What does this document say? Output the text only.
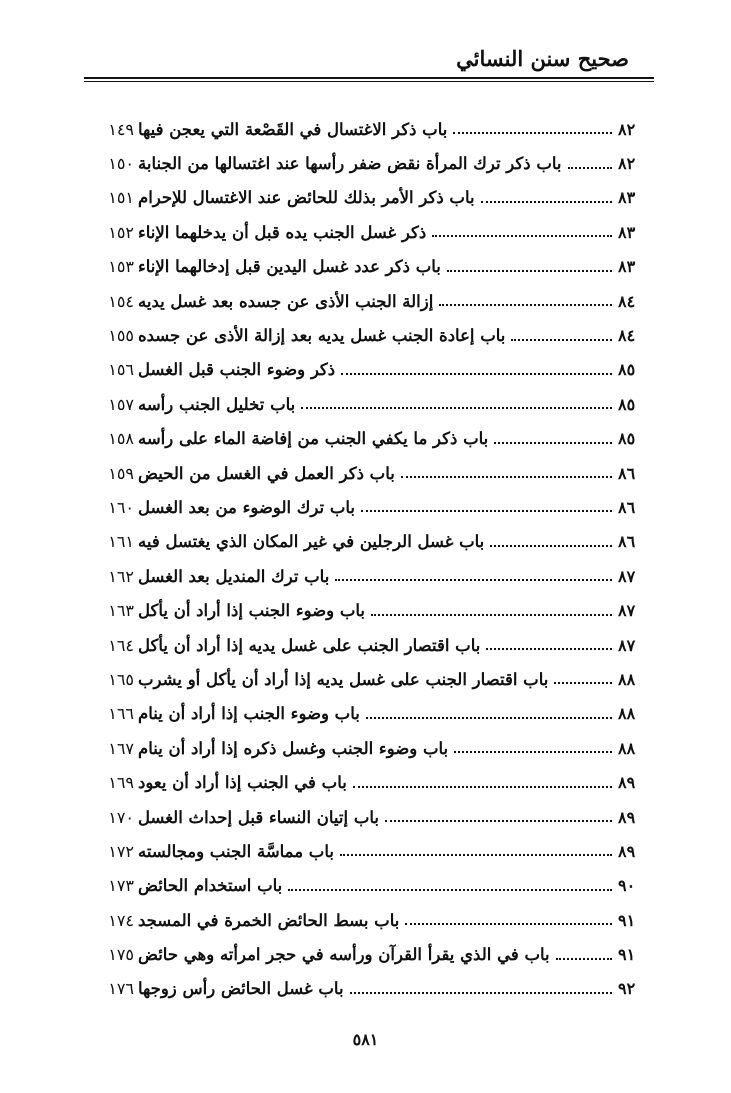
صحيح سنن النسائي
١٤٩ باب ذكر الاغتسال في القَصْعة التي يعجن فيها	٨٢
١٥٠ باب ذكر ترك المرأة نقض ضفر رأسها عند اغتسالها من الجنابة	٨٢
١٥١ باب ذكر الأمر بذلك للحائض عند الاغتسال للإحرام	٨٣
١٥٢ ذكر غسل الجنب يده قبل أن يدخلهما الإناء	٨٣
١٥٣ باب ذكر عدد غسل اليدين قبل إدخالهما الإناء	٨٣
١٥٤ إزالة الجنب الأذى عن جسده بعد غسل يديه	٨٤
١٥٥ باب إعادة الجنب غسل يديه بعد إزالة الأذى عن جسده	٨٤
١٥٦ ذكر وضوء الجنب قبل الغسل	٨٥
١٥٧ باب تخليل الجنب رأسه	٨٥
١٥٨ باب ذكر ما يكفي الجنب من إفاضة الماء على رأسه	٨٥
١٥٩ باب ذكر العمل في الغسل من الحيض	٨٦
١٦٠ باب ترك الوضوء من بعد الغسل	٨٦
١٦١ باب غسل الرجلين في غير المكان الذي يغتسل فيه	٨٦
١٦٢ باب ترك المنديل بعد الغسل	٨٧
١٦٣ باب وضوء الجنب إذا أراد أن يأكل	٨٧
١٦٤ باب اقتصار الجنب على غسل يديه إذا أراد أن يأكل	٨٧
١٦٥ باب اقتصار الجنب على غسل يديه إذا أراد أن يأكل أو يشرب	٨٨
١٦٦ باب وضوء الجنب إذا أراد أن ينام	٨٨
١٦٧ باب وضوء الجنب وغسل ذكره إذا أراد أن ينام	٨٨
١٦٩ باب في الجنب إذا أراد أن يعود	٨٩
١٧٠ باب إتيان النساء قبل إحداث الغسل	٨٩
١٧٢ باب مماسَّة الجنب ومجالسته	٨٩
١٧٣ باب استخدام الحائض	٩٠
١٧٤ باب بسط الحائض الخمرة في المسجد	٩١
١٧٥ باب في الذي يقرأ القرآن ورأسه في حجر امرأته وهي حائض	٩١
١٧٦ باب غسل الحائض رأس زوجها	٩٢
٥٨١
